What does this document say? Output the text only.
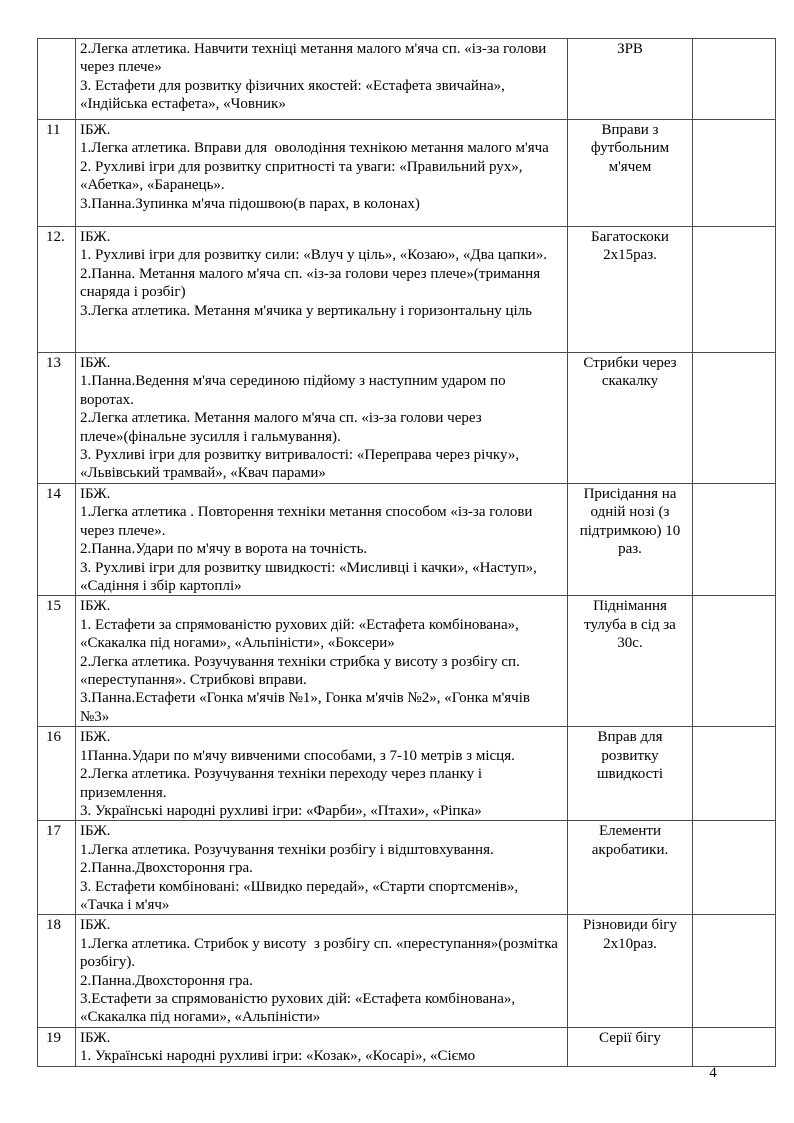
	2.Легка атлетика. Навчити техніці метання малого м'яча сп. «із-за голови через плече»
3. Естафети для розвитку фізичних якостей: «Естафета звичайна», «Індійська естафета», «Човник»	ЗРВ	

11	ІБЖ.
1.Легка атлетика. Вправи для  оволодіння технікою метання малого м'яча
2. Рухливі ігри для розвитку спритності та уваги: «Правильний рух», «Абетка», «Баранець».
3.Панна.Зупинка м'яча підошвою(в парах, в колонах)	Вправи з футбольним м'ячем	

12.	ІБЖ.
1. Рухливі ігри для розвитку сили: «Влуч у ціль», «Козаю», «Два цапки».
2.Панна. Метання малого м'яча сп. «із-за голови через плече»(тримання снаряда і розбіг)
3.Легка атлетика. Метання м'ячика у вертикальну і горизонтальну ціль	Багатоскоки 2х15раз.	

13	ІБЖ.
1.Панна.Ведення м'яча серединою підйому з наступним ударом по воротах.
2.Легка атлетика. Метання малого м'яча сп. «із-за голови через плече»(фінальне зусилля і гальмування).
3. Рухливі ігри для розвитку витривалості: «Переправа через річку», «Львівський трамвай», «Квач парами»	Стрибки через скакалку	

14	ІБЖ.
1.Легка атлетика . Повторення техніки метання способом «із-за голови через плече».
2.Панна.Удари по м'ячу в ворота на точність.
3. Рухливі ігри для розвитку швидкості: «Мисливці і качки», «Наступ», «Садіння і збір картоплі»	Присідання на одній нозі (з підтримкою) 10 раз.	

15	ІБЖ.
1. Естафети за спрямованістю рухових дій: «Естафета комбінована», «Скакалка під ногами», «Альпіністи», «Боксери»
2.Легка атлетика. Розучування техніки стрибка у висоту з розбігу сп. «переступання». Стрибкові вправи.
3.Панна.Естафети «Гонка м'ячів №1», Гонка м'ячів №2», «Гонка м'ячів №3»	Піднімання тулуба в сід за 30с.	

16	ІБЖ.
1Панна.Удари по м'ячу вивченими способами, з 7-10 метрів з місця.
2.Легка атлетика. Розучування техніки переходу через планку і приземлення.
3. Українські народні рухливі ігри: «Фарби», «Птахи», «Ріпка»	Вправ для розвитку швидкості	

17	ІБЖ.
1.Легка атлетика. Розучування техніки розбігу і відштовхування.
2.Панна.Двохстороння гра.
3. Естафети комбіновані: «Швидко передай», «Старти спортсменів», «Тачка і м'яч»	Елементи акробатики.	

18	ІБЖ.
1.Легка атлетика. Стрибок у висоту  з розбігу сп. «переступання»(розмітка розбігу).
2.Панна.Двохстороння гра.
3.Естафети за спрямованістю рухових дій: «Естафета комбінована», «Скакалка під ногами», «Альпіністи»	Різновиди бігу 2х10раз.	

19	ІБЖ.
1. Українські народні рухливі ігри: «Козак», «Косарі», «Сіємо	Серії бігу	

4
